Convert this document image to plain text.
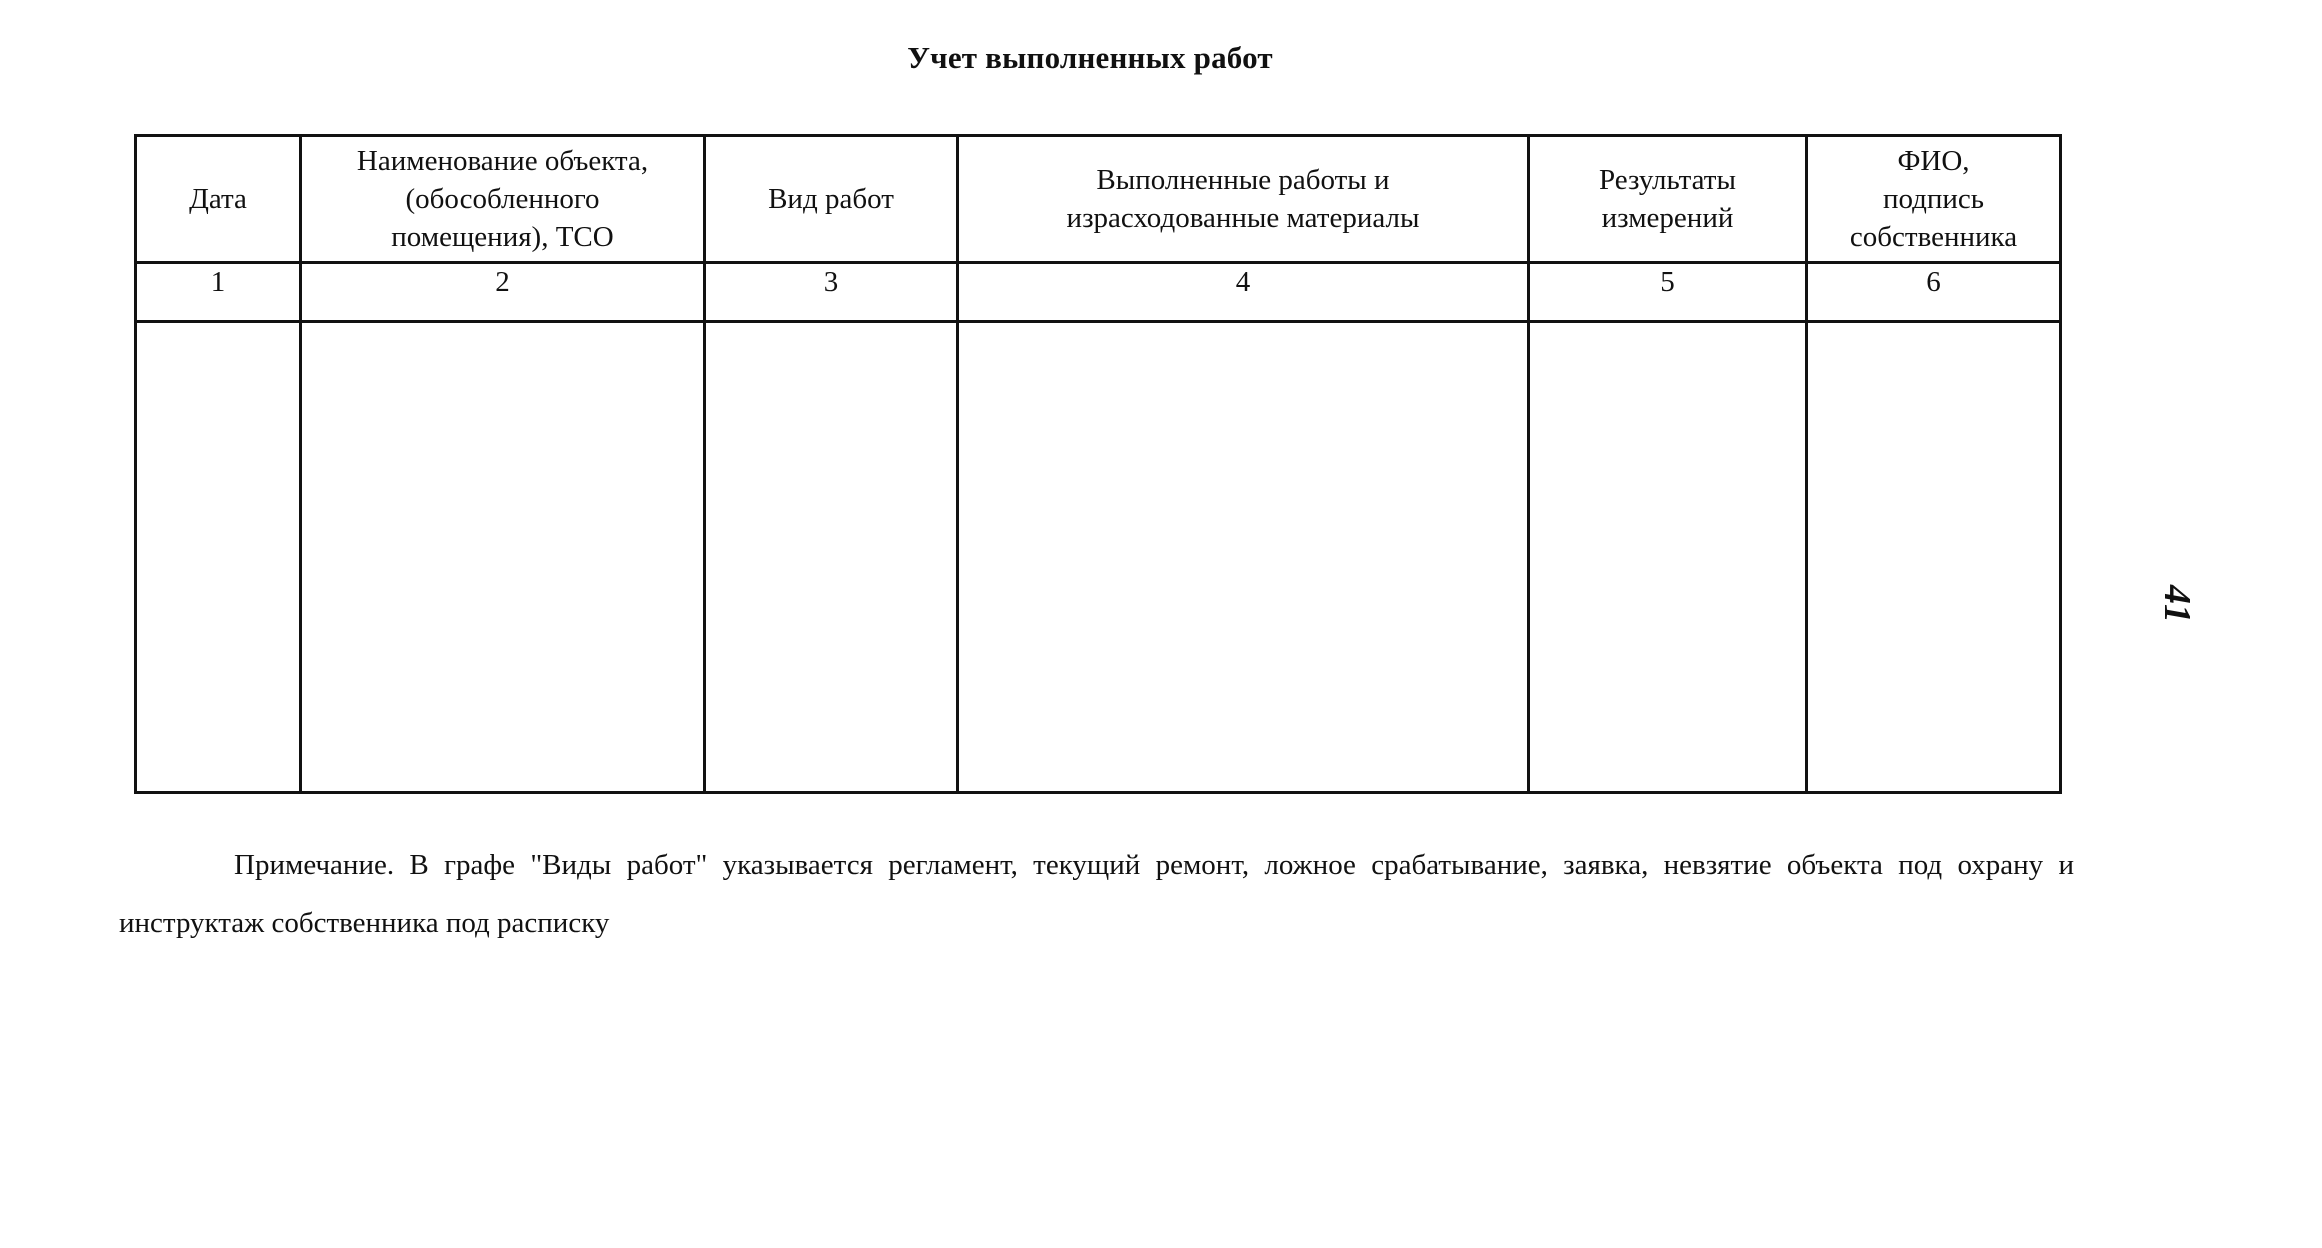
Учет выполненных работ
Дата	Наименование объекта,
(обособленного
помещения), ТСО	Вид работ	Выполненные работы и
израсходованные материалы	Результаты
измерений	ФИО,
подпись
собственника
1	2	3	4	5	6

Примечание. В графе "Виды работ" указывается регламент, текущий ремонт, ложное срабатывание, заявка, невзятие объекта под охрану и инструктаж собственника под расписку
41
